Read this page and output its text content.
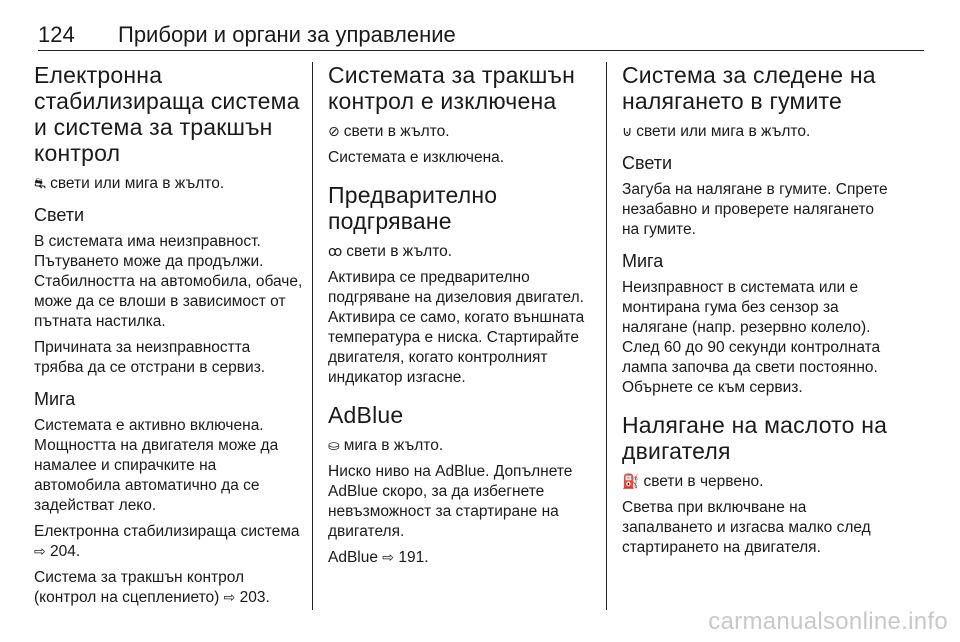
124 Прибори и органи за управление
Електронна стабилизираща система и система за тракшън контрол

⛐ свети или мига в жълто.

Свети

В системата има неизправност. Пътуването може да продължи. Стабилността на автомобила, обаче, може да се влоши в зависимост от пътната настилка.

Причината за неизправността трябва да се отстрани в сервиз.

Мига

Системата е активно включена. Мощността на двигателя може да намалее и спирачките на автомобила автоматично да се задействат леко.

Електронна стабилизираща система ⇨ 204.

Система за тракшън контрол (контрол на сцеплението) ⇨ 203.

Системата за тракшън контрол е изключена

⊘ свети в жълто.

Системата е изключена.

Предварително подгряване

ꝏ свети в жълто.

Активира се предварително подгряване на дизеловия двигател. Активира се само, когато външната температура е ниска. Стартирайте двигателя, когато контролният индикатор изгасне.

AdBlue

⛀ мига в жълто.

Ниско ниво на AdBlue. Допълнете AdBlue скоро, за да избегнете невъзможност за стартиране на двигателя.

AdBlue ⇨ 191.

Система за следене на налягането в гумите

⊍ свети или мига в жълто.

Свети

Загуба на налягане в гумите. Спрете незабавно и проверете налягането на гумите.

Мига

Неизправност в системата или е монтирана гума без сензор за налягане (напр. резервно колело). След 60 до 90 секунди контролната лампа започва да свети постоянно. Обърнете се към сервиз.

Налягане на маслото на двигателя

⛽ свети в червено.

Светва при включване на запалването и изгасва малко след стартирането на двигателя.

carmanualsonline.info
